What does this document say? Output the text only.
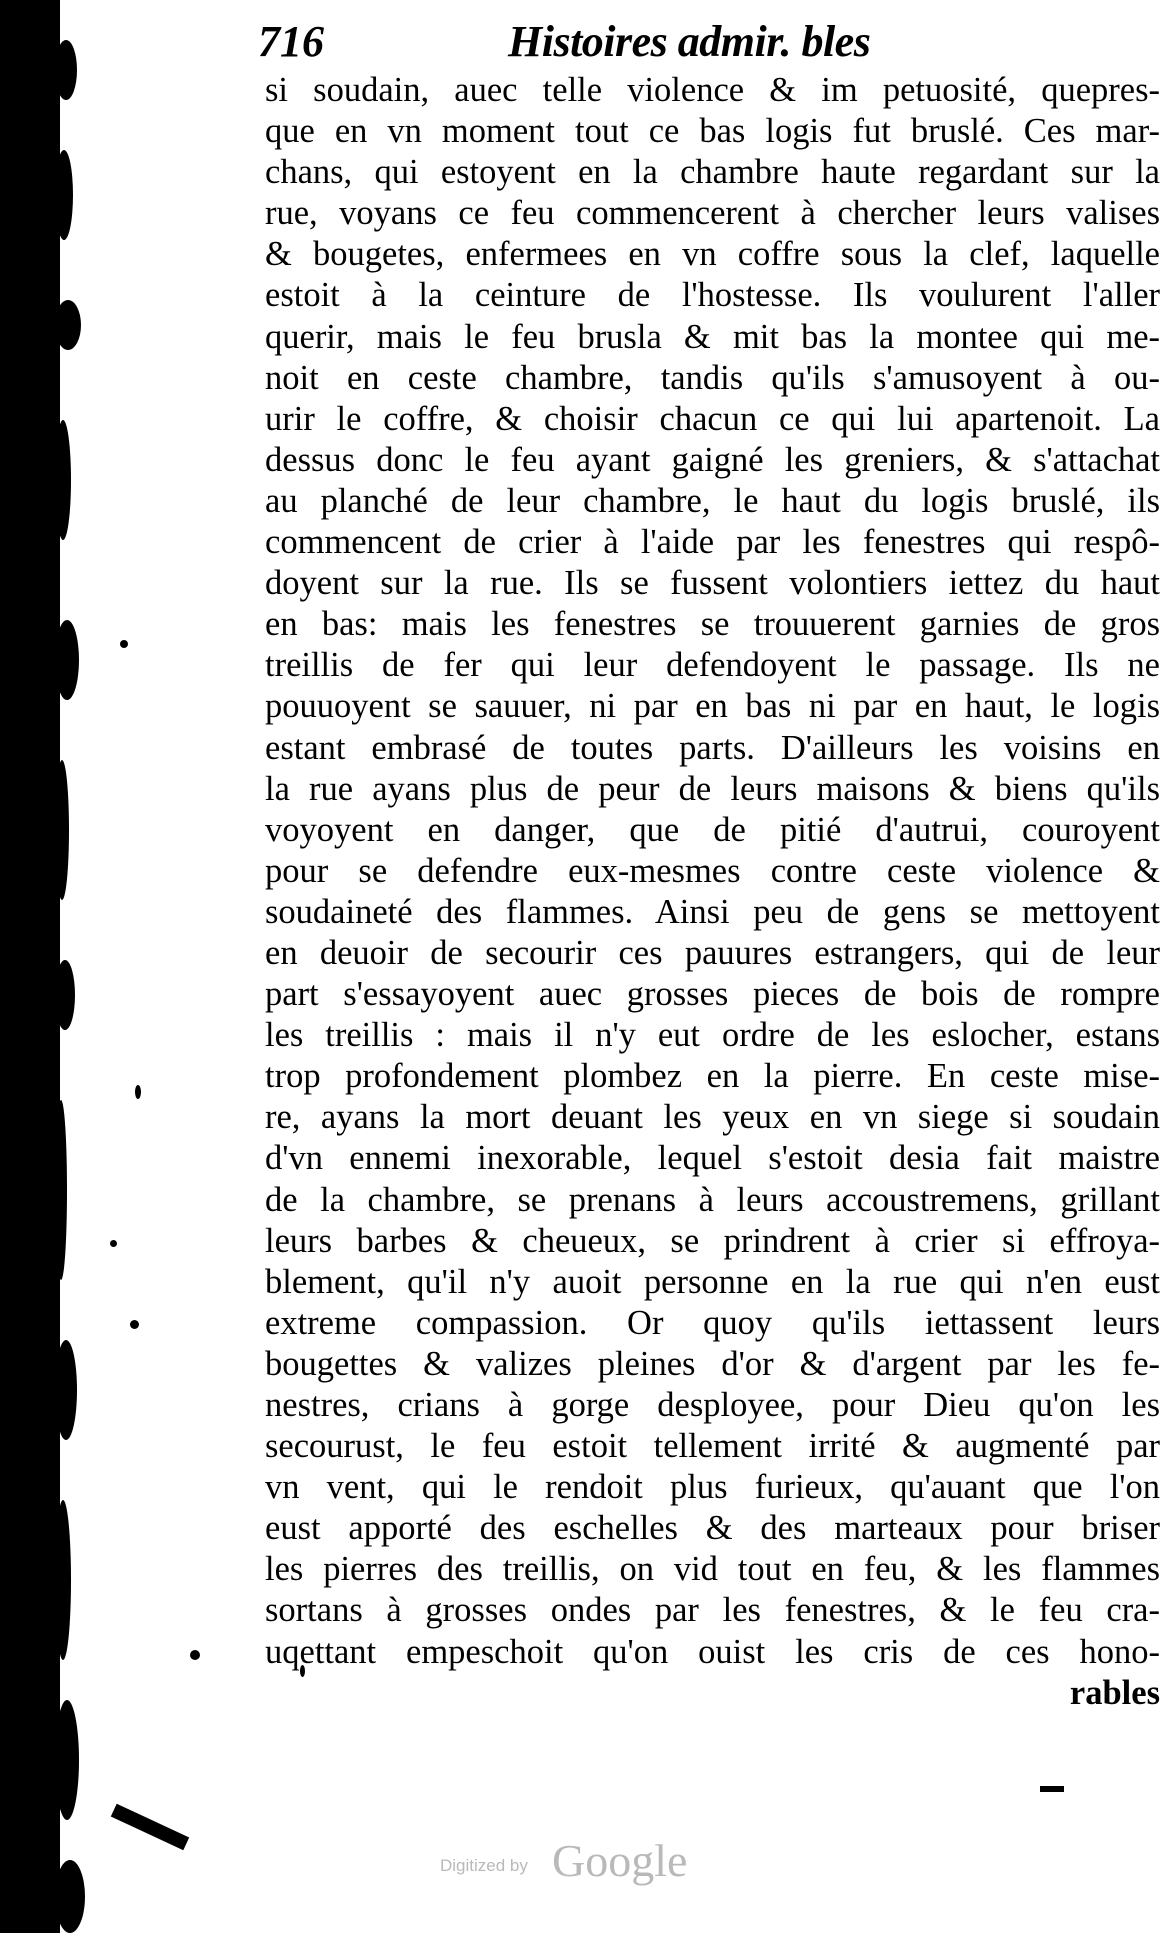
716	Histoires admir. bles
si soudain, auec telle violence & im petuosité, quepres-
que en vn moment tout ce bas logis fut bruslé. Ces mar-
chans, qui estoyent en la chambre haute regardant sur la
rue, voyans ce feu commencerent à chercher leurs valises
& bougetes, enfermees en vn coffre sous la clef, laquelle
estoit à la ceinture de l'hostesse. Ils voulurent l'aller
querir, mais le feu brusla & mit bas la montee qui me-
noit en ceste chambre, tandis qu'ils s'amusoyent à ou-
urir le coffre, & choisir chacun ce qui lui apartenoit. La
dessus donc le feu ayant gaigné les greniers, & s'attachat
au planché de leur chambre, le haut du logis bruslé, ils
commencent de crier à l'aide par les fenestres qui respô-
doyent sur la rue. Ils se fussent volontiers iettez du haut
en bas: mais les fenestres se trouuerent garnies de gros
treillis de fer qui leur defendoyent le passage. Ils ne
pouuoyent se sauuer, ni par en bas ni par en haut, le logis
estant embrasé de toutes parts. D'ailleurs les voisins en
la rue ayans plus de peur de leurs maisons & biens qu'ils
voyoyent en danger, que de pitié d'autrui, couroyent
pour se defendre eux-mesmes contre ceste violence &
soudaineté des flammes. Ainsi peu de gens se mettoyent
en deuoir de secourir ces pauures estrangers, qui de leur
part s'essayoyent auec grosses pieces de bois de rompre
les treillis : mais il n'y eut ordre de les eslocher, estans
trop profondement plombez en la pierre. En ceste mise-
re, ayans la mort deuant les yeux en vn siege si soudain
d'vn ennemi inexorable, lequel s'estoit desia fait maistre
de la chambre, se prenans à leurs accoustremens, grillant
leurs barbes & cheueux, se prindrent à crier si effroya-
blement, qu'il n'y auoit personne en la rue qui n'en eust
extreme compassion. Or quoy qu'ils iettassent leurs
bougettes & valizes pleines d'or & d'argent par les fe-
nestres, crians à gorge desployee, pour Dieu qu'on les
secourust, le feu estoit tellement irrité & augmenté par
vn vent, qui le rendoit plus furieux, qu'auant que l'on
eust apporté des eschelles & des marteaux pour briser
les pierres des treillis, on vid tout en feu, & les flammes
sortans à grosses ondes par les fenestres, & le feu cra-
uqettant empeschoit qu'on ouist les cris de ces hono-
rables
Digitized by Google
